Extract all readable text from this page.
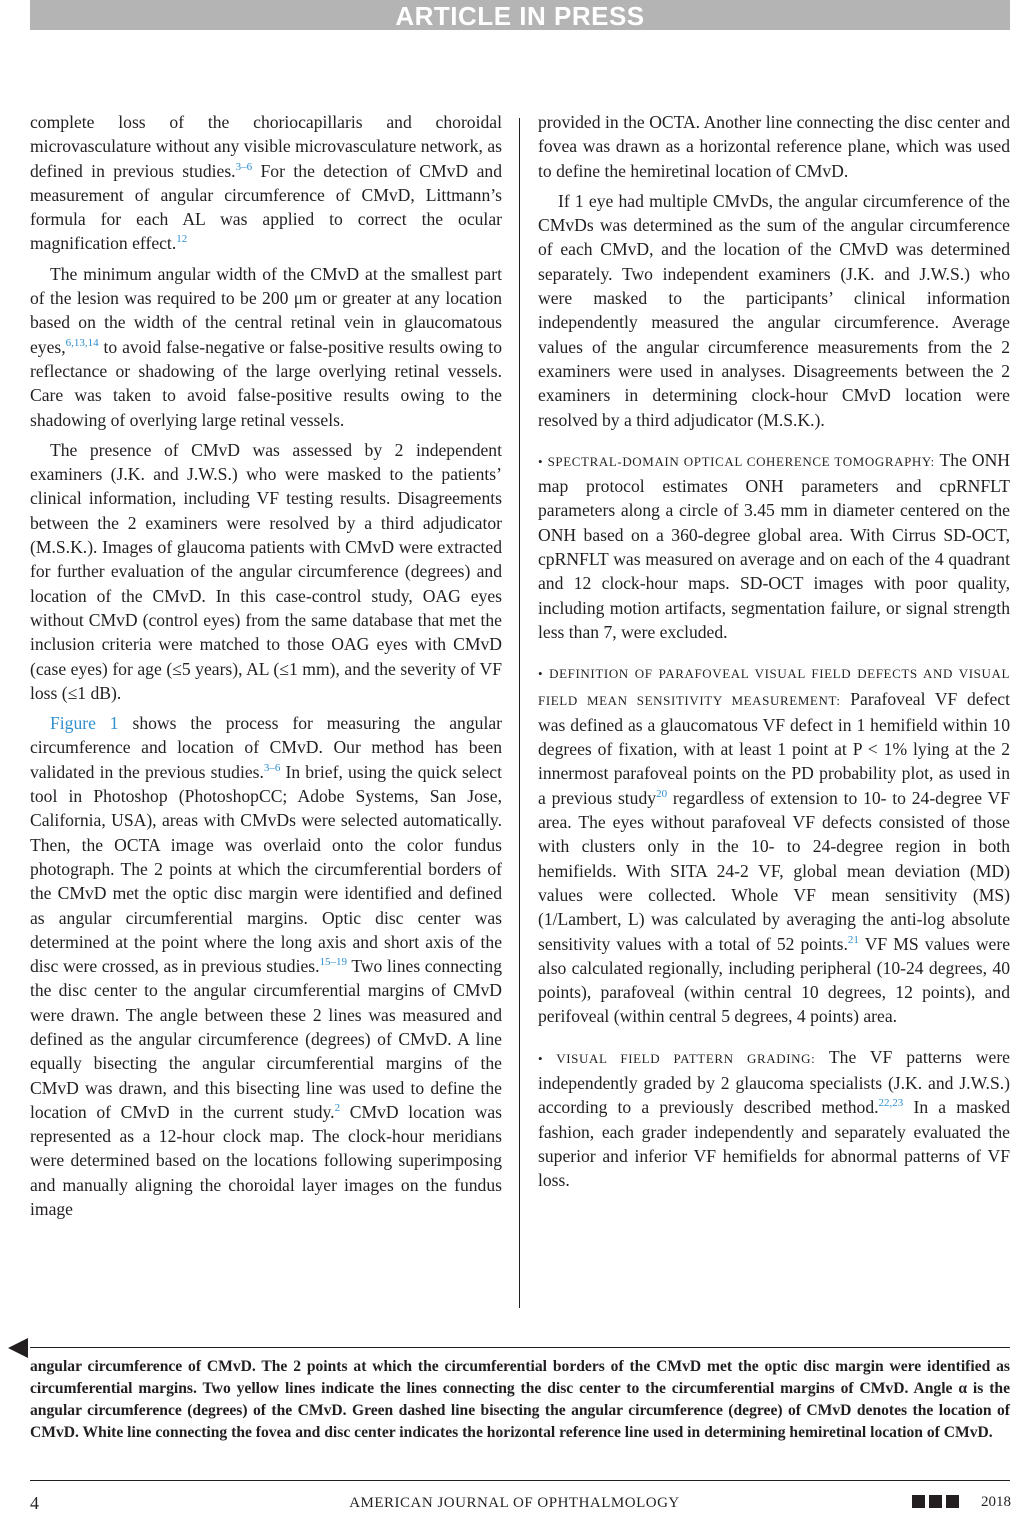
ARTICLE IN PRESS

complete loss of the choriocapillaris and choroidal microvasculature without any visible microvasculature network, as defined in previous studies.$^{3-6}$ For the detection of CMvD and measurement of angular circumference of CMvD, Littmann’s formula for each AL was applied to correct the ocular magnification effect.$^{12}$

The minimum angular width of the CMvD at the smallest part of the lesion was required to be 200 μm or greater at any location based on the width of the central retinal vein in glaucomatous eyes,$^{6,13,14}$ to avoid false-negative or false-positive results owing to reflectance or shadowing of the large overlying retinal vessels. Care was taken to avoid false-positive results owing to the shadowing of overlying large retinal vessels.

The presence of CMvD was assessed by 2 independent examiners (J.K. and J.W.S.) who were masked to the patients’ clinical information, including VF testing results. Disagreements between the 2 examiners were resolved by a third adjudicator (M.S.K.). Images of glaucoma patients with CMvD were extracted for further evaluation of the angular circumference (degrees) and location of the CMvD. In this case-control study, OAG eyes without CMvD (control eyes) from the same database that met the inclusion criteria were matched to those OAG eyes with CMvD (case eyes) for age (≤5 years), AL (≤1 mm), and the severity of VF loss (≤1 dB).

Figure 1 shows the process for measuring the angular circumference and location of CMvD. Our method has been validated in the previous studies.$^{3-6}$ In brief, using the quick select tool in Photoshop (PhotoshopCC; Adobe Systems, San Jose, California, USA), areas with CMvDs were selected automatically. Then, the OCTA image was overlaid onto the color fundus photograph. The 2 points at which the circumferential borders of the CMvD met the optic disc margin were identified and defined as angular circumferential margins. Optic disc center was determined at the point where the long axis and short axis of the disc were crossed, as in previous studies.$^{15-19}$ Two lines connecting the disc center to the angular circumferential margins of CMvD were drawn. The angle between these 2 lines was measured and defined as the angular circumference (degrees) of CMvD. A line equally bisecting the angular circumferential margins of the CMvD was drawn, and this bisecting line was used to define the location of CMvD in the current study.$^2$ CMvD location was represented as a 12-hour clock map. The clock-hour meridians were determined based on the locations following superimposing and manually aligning the choroidal layer images on the fundus image

provided in the OCTA. Another line connecting the disc center and fovea was drawn as a horizontal reference plane, which was used to define the hemiretinal location of CMvD.

If 1 eye had multiple CMvDs, the angular circumference of the CMvDs was determined as the sum of the angular circumference of each CMvD, and the location of the CMvD was determined separately. Two independent examiners (J.K. and J.W.S.) who were masked to the participants’ clinical information independently measured the angular circumference. Average values of the angular circumference measurements from the 2 examiners were used in analyses. Disagreements between the 2 examiners in determining clock-hour CMvD location were resolved by a third adjudicator (M.S.K.).

• SPECTRAL-DOMAIN OPTICAL COHERENCE TOMOGRAPHY: The ONH map protocol estimates ONH parameters and cpRNFLT parameters along a circle of 3.45 mm in diameter centered on the ONH based on a 360-degree global area. With Cirrus SD-OCT, cpRNFLT was measured on average and on each of the 4 quadrant and 12 clock-hour maps. SD-OCT images with poor quality, including motion artifacts, segmentation failure, or signal strength less than 7, were excluded.

• DEFINITION OF PARAFOVEAL VISUAL FIELD DEFECTS AND VISUAL FIELD MEAN SENSITIVITY MEASUREMENT: Parafoveal VF defect was defined as a glaucomatous VF defect in 1 hemifield within 10 degrees of fixation, with at least 1 point at P < 1% lying at the 2 innermost parafoveal points on the PD probability plot, as used in a previous study$^{20}$ regardless of extension to 10- to 24-degree VF area. The eyes without parafoveal VF defects consisted of those with clusters only in the 10- to 24-degree region in both hemifields. With SITA 24-2 VF, global mean deviation (MD) values were collected. Whole VF mean sensitivity (MS) (1/Lambert, L) was calculated by averaging the anti-log absolute sensitivity values with a total of 52 points.$^{21}$ VF MS values were also calculated regionally, including peripheral (10-24 degrees, 40 points), parafoveal (within central 10 degrees, 12 points), and perifoveal (within central 5 degrees, 4 points) area.

• VISUAL FIELD PATTERN GRADING: The VF patterns were independently graded by 2 glaucoma specialists (J.K. and J.W.S.) according to a previously described method.$^{22,23}$ In a masked fashion, each grader independently and separately evaluated the superior and inferior VF hemifields for abnormal patterns of VF loss.

angular circumference of CMvD. The 2 points at which the circumferential borders of the CMvD met the optic disc margin were identified as circumferential margins. Two yellow lines indicate the lines connecting the disc center to the circumferential margins of CMvD. Angle α is the angular circumference (degrees) of the CMvD. Green dashed line bisecting the angular circumference (degree) of CMvD denotes the location of CMvD. White line connecting the fovea and disc center indicates the horizontal reference line used in determining hemiretinal location of CMvD.
4	AMERICAN JOURNAL OF OPHTHALMOLOGY	2018
